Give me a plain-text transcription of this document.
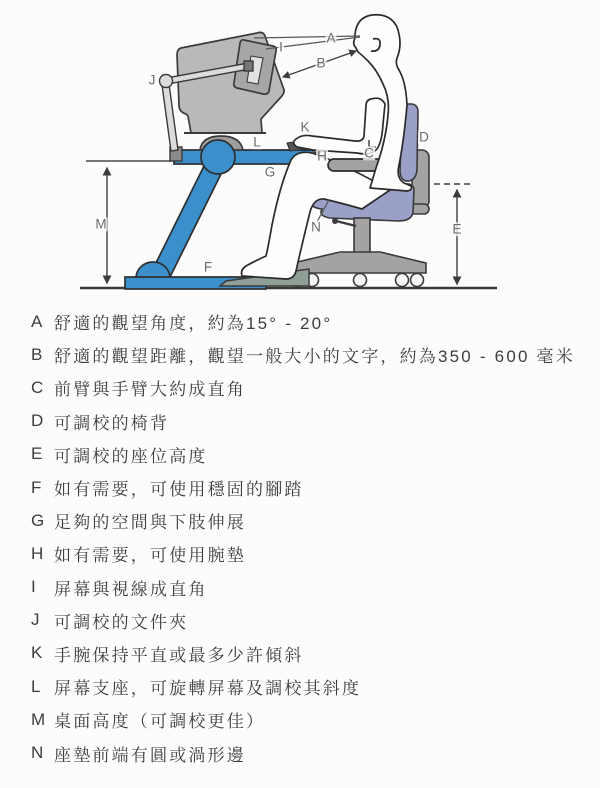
A
B
C
D
E
F
G
H
I
J
K
L
M	N
A 舒適的觀望角度，約為15° - 20°
B 舒適的觀望距離，觀望一般大小的文字，約為350 - 600 毫米
C 前臂與手臂大約成直角
D 可調校的椅背
E 可調校的座位高度
F 如有需要，可使用穩固的腳踏
G 足夠的空間與下肢伸展
H 如有需要，可使用腕墊
I	屏幕與視線成直角
J 可調校的文件夾
K 手腕保持平直或最多少許傾斜
L 屏幕支座，可旋轉屏幕及調校其斜度
M 桌面高度（可調校更佳）
N 座墊前端有圓或渦形邊
